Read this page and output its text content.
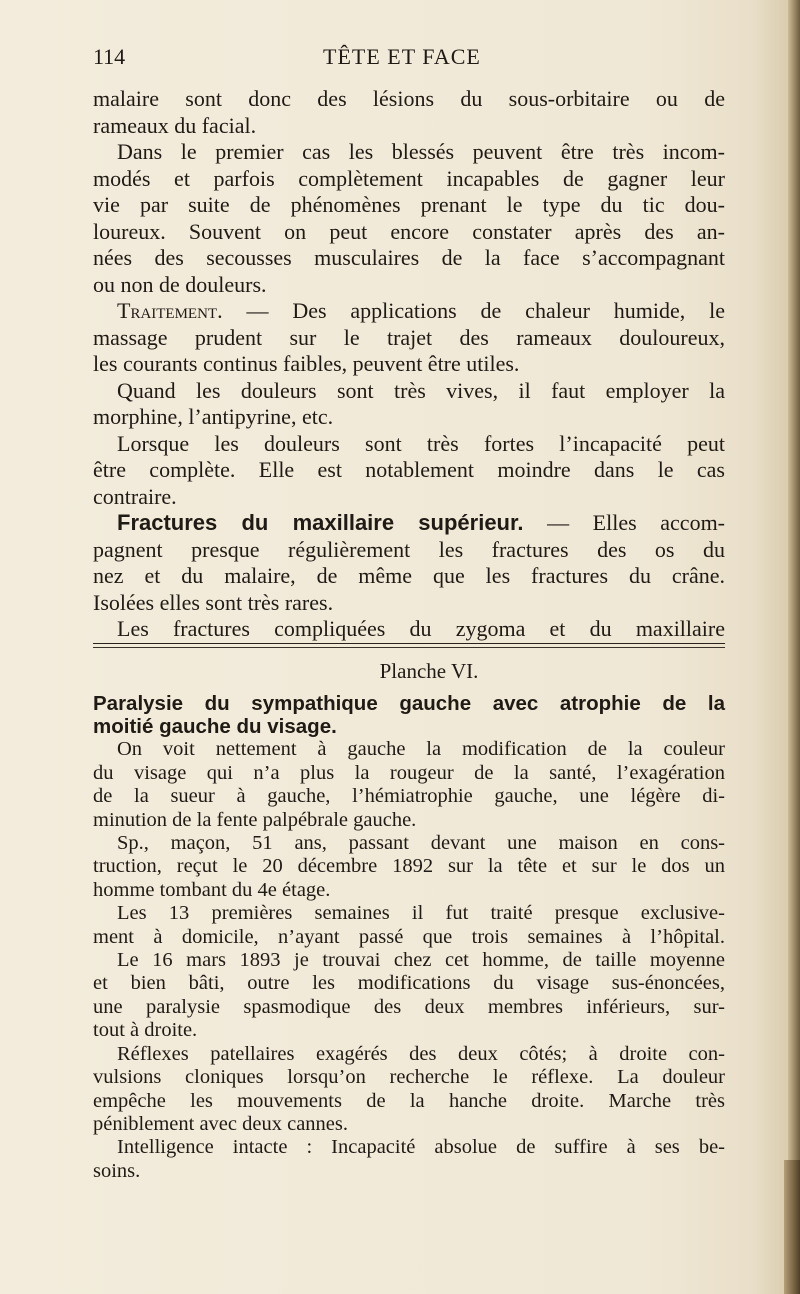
114	TÊTE ET FACE
malaire sont donc des lésions du sous-orbitaire ou de
rameaux du facial.
Dans le premier cas les blessés peuvent être très incom-
modés et parfois complètement incapables de gagner leur
vie par suite de phénomènes prenant le type du tic dou-
loureux. Souvent on peut encore constater après des an-
nées des secousses musculaires de la face s’accompagnant
ou non de douleurs.
Traitement. — Des applications de chaleur humide, le
massage prudent sur le trajet des rameaux douloureux,
les courants continus faibles, peuvent être utiles.
Quand les douleurs sont très vives, il faut employer la
morphine, l’antipyrine, etc.
Lorsque les douleurs sont très fortes l’incapacité peut
être complète. Elle est notablement moindre dans le cas
contraire.
Fractures du maxillaire supérieur. — Elles accom-
pagnent presque régulièrement les fractures des os du
nez et du malaire, de même que les fractures du crâne.
Isolées elles sont très rares.
Les fractures compliquées du zygoma et du maxillaire
Planche VI.
Paralysie du sympathique gauche avec atrophie de la
moitié gauche du visage.
On voit nettement à gauche la modification de la couleur
du visage qui n’a plus la rougeur de la santé, l’exagération
de la sueur à gauche, l’hémiatrophie gauche, une légère di-
minution de la fente palpébrale gauche.
Sp., maçon, 51 ans, passant devant une maison en cons-
truction, reçut le 20 décembre 1892 sur la tête et sur le dos un
homme tombant du 4e étage.
Les 13 premières semaines il fut traité presque exclusive-
ment à domicile, n’ayant passé que trois semaines à l’hôpital.
Le 16 mars 1893 je trouvai chez cet homme, de taille moyenne
et bien bâti, outre les modifications du visage sus-énoncées,
une paralysie spasmodique des deux membres inférieurs, sur-
tout à droite.
Réflexes patellaires exagérés des deux côtés; à droite con-
vulsions cloniques lorsqu’on recherche le réflexe. La douleur
empêche les mouvements de la hanche droite. Marche très
péniblement avec deux cannes.
Intelligence intacte : Incapacité absolue de suffire à ses be-
soins.
